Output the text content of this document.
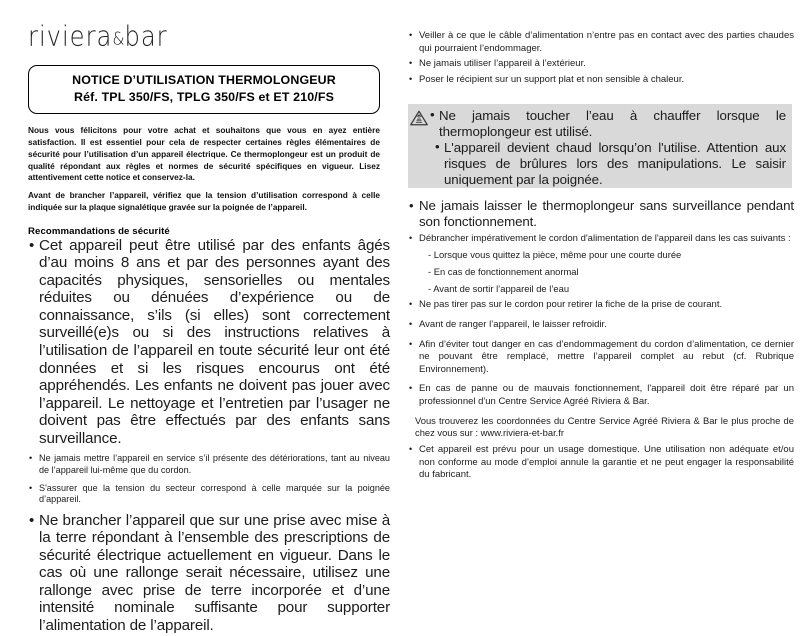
riviera&bar
NOTICE D’UTILISATION THERMOLONGEUR
Réf. TPL 350/FS, TPLG 350/FS et ET 210/FS

Nous vous félicitons pour votre achat et souhaitons que vous en ayez entière satisfaction. Il est essentiel pour cela de respecter certaines règles élémentaires de sécurité pour l’utilisation d’un appareil électrique. Ce thermoplongeur est un produit de qualité répondant aux règles et normes de sécurité spécifiques en vigueur. Lisez attentivement cette notice et conservez-la.

Avant de brancher l’appareil, vérifiez que la tension d’utilisation correspond à celle indiquée sur la plaque signalétique gravée sur la poignée de l’appareil.

Recommandations de sécurité
• Cet appareil peut être utilisé par des enfants âgés d’au moins 8 ans et par des personnes ayant des capacités physiques, sensorielles ou mentales réduites ou dénuées d’expérience ou de connaissance, s’ils (si elles) sont correctement surveillé(e)s ou si des instructions relatives à l’utilisation de l’appareil en toute sécurité leur ont été données et si les risques encourus ont été appréhendés. Les enfants ne doivent pas jouer avec l’appareil. Le nettoyage et l’entretien par l’usager ne doivent pas être effectués par des enfants sans surveillance.
• Ne jamais mettre l’appareil en service s’il présente des détériorations, tant au niveau de l’appareil lui-même que du cordon.
• S'assurer que la tension du secteur correspond à celle marquée sur la poignée d’appareil.
• Ne brancher l’appareil que sur une prise avec mise à la terre répondant à l’ensemble des prescriptions de sécurité électrique actuellement en vigueur. Dans le cas où une rallonge serait nécessaire, utilisez une rallonge avec prise de terre incorporée et d’une intensité nominale suffisante pour supporter l’alimentation de l’appareil.
• Veiller à ce que le câble d’alimentation n’entre pas en contact avec des parties chaudes qui pourraient l’endommager.
• Ne jamais utiliser l’appareil à l’extérieur.
• Poser le récipient sur un support plat et non sensible à chaleur.
• Ne jamais toucher l’eau à chauffer lorsque le thermoplongeur est utilisé.
• L'appareil devient chaud lorsqu’on l'utilise. Attention aux risques de brûlures lors des manipulations. Le saisir uniquement par la poignée.
• Ne jamais laisser le thermoplongeur sans surveillance pendant son fonctionnement.
• Débrancher impérativement le cordon d'alimentation de l'appareil dans les cas suivants :
- Lorsque vous quittez la pièce, même pour une courte durée
- En cas de fonctionnement anormal
- Avant de sortir l’appareil de l’eau
• Ne pas tirer pas sur le cordon pour retirer la fiche de la prise de courant.
• Avant de ranger l’appareil, le laisser refroidir.
• Afin d’éviter tout danger en cas d’endommagement du cordon d’alimentation, ce dernier ne pouvant être remplacé, mettre l’appareil complet au rebut (cf. Rubrique Environnement).
• En cas de panne ou de mauvais fonctionnement, l'appareil doit être réparé par un professionnel d'un Centre Service Agréé Riviera & Bar.
Vous trouverez les coordonnées du Centre Service Agréé Riviera & Bar le plus proche de chez vous sur : www.riviera-et-bar.fr
• Cet appareil est prévu pour un usage domestique. Une utilisation non adéquate et/ou non conforme au mode d’emploi annule la garantie et ne peut engager la responsabilité du fabricant.
